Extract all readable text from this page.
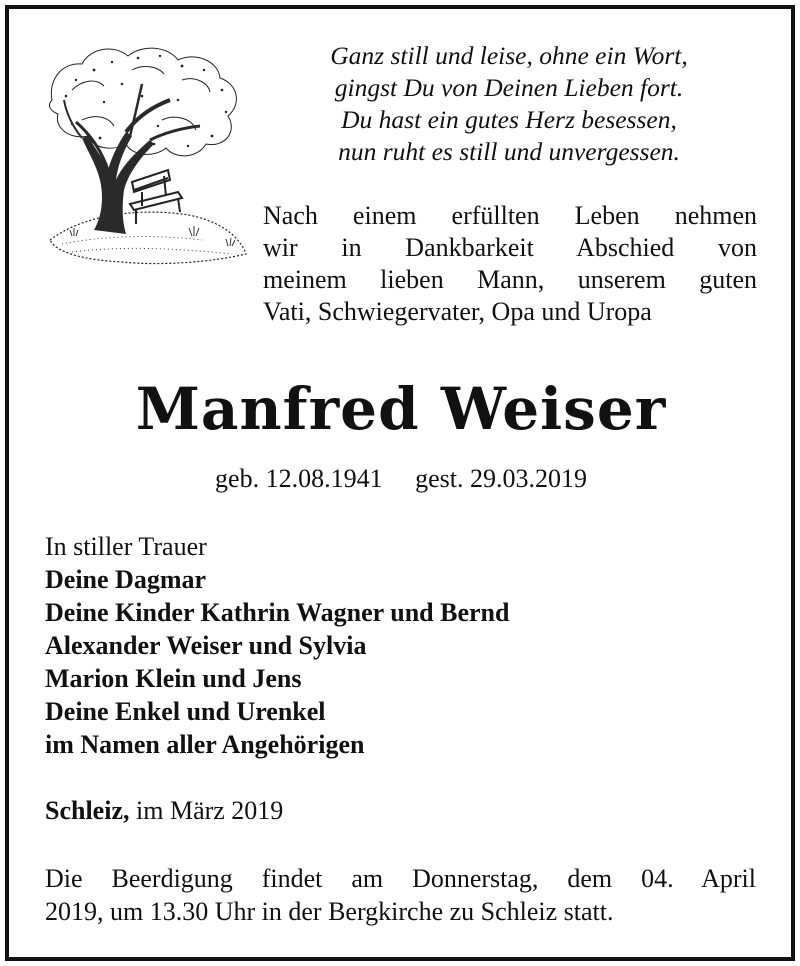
Ganz still und leise, ohne ein Wort,
gingst Du von Deinen Lieben fort.
Du hast ein gutes Herz besessen,
nun ruht es still und unvergessen.
Nach einem erfüllten Leben nehmen
wir in Dankbarkeit Abschied von
meinem lieben Mann, unserem guten
Vati, Schwiegervater, Opa und Uropa
Manfred Weiser
geb. 12.08.1941 gest. 29.03.2019
In stiller Trauer
Deine Dagmar
Deine Kinder Kathrin Wagner und Bernd
Alexander Weiser und Sylvia
Marion Klein und Jens
Deine Enkel und Urenkel
im Namen aller Angehörigen
Schleiz, im März 2019
Die Beerdigung findet am Donnerstag, dem 04. April
2019, um 13.30 Uhr in der Bergkirche zu Schleiz statt.
